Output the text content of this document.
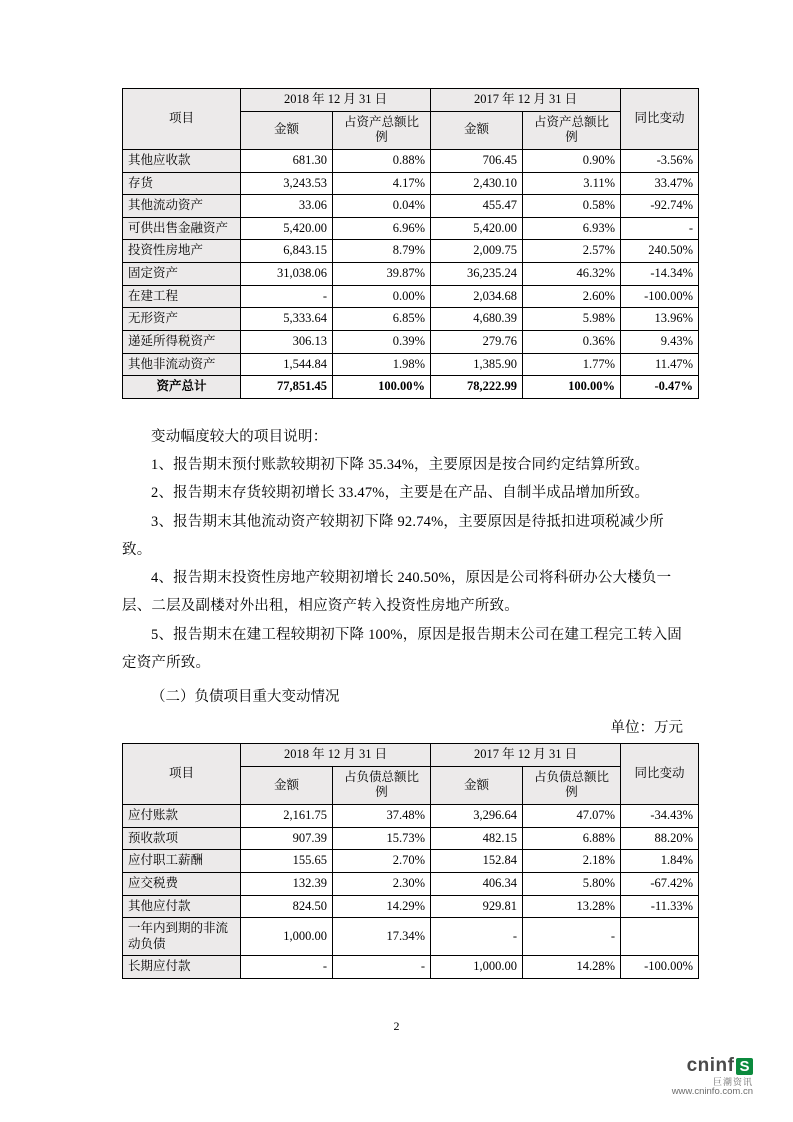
项目	2018 年 12 月 31 日		2017 年 12 月 31 日		同比变动
	金额	占资产总额比例	金额	占资产总额比例	
其他应收款	681.30	0.88%	706.45	0.90%	-3.56%
存货	3,243.53	4.17%	2,430.10	3.11%	33.47%
其他流动资产	33.06	0.04%	455.47	0.58%	-92.74%
可供出售金融资产	5,420.00	6.96%	5,420.00	6.93%	-
投资性房地产	6,843.15	8.79%	2,009.75	2.57%	240.50%
固定资产	31,038.06	39.87%	36,235.24	46.32%	-14.34%
在建工程	-	0.00%	2,034.68	2.60%	-100.00%
无形资产	5,333.64	6.85%	4,680.39	5.98%	13.96%
递延所得税资产	306.13	0.39%	279.76	0.36%	9.43%
其他非流动资产	1,544.84	1.98%	1,385.90	1.77%	11.47%
资产总计	77,851.45	100.00%	78,222.99	100.00%	-0.47%

变动幅度较大的项目说明：

1、报告期末预付账款较期初下降 35.34%，主要原因是按合同约定结算所致。

2、报告期末存货较期初增长 33.47%，主要是在产品、自制半成品增加所致。

3、报告期末其他流动资产较期初下降 92.74%，主要原因是待抵扣进项税减少所致。

4、报告期末投资性房地产较期初增长 240.50%，原因是公司将科研办公大楼负一层、二层及副楼对外出租，相应资产转入投资性房地产所致。

5、报告期末在建工程较期初下降 100%，原因是报告期末公司在建工程完工转入固定资产所致。

（二）负债项目重大变动情况

单位：万元
项目	2018 年 12 月 31 日		2017 年 12 月 31 日		同比变动
	金额	占负债总额比例	金额	占负债总额比例	
应付账款	2,161.75	37.48%	3,296.64	47.07%	-34.43%
预收款项	907.39	15.73%	482.15	6.88%	88.20%
应付职工薪酬	155.65	2.70%	152.84	2.18%	1.84%
应交税费	132.39	2.30%	406.34	5.80%	-67.42%
其他应付款	824.50	14.29%	929.81	13.28%	-11.33%
一年内到期的非流动负债	1,000.00	17.34%	-	-	
长期应付款	-	-	1,000.00	14.28%	-100.00%
2
cninf S
巨潮资讯
www.cninfo.com.cn
